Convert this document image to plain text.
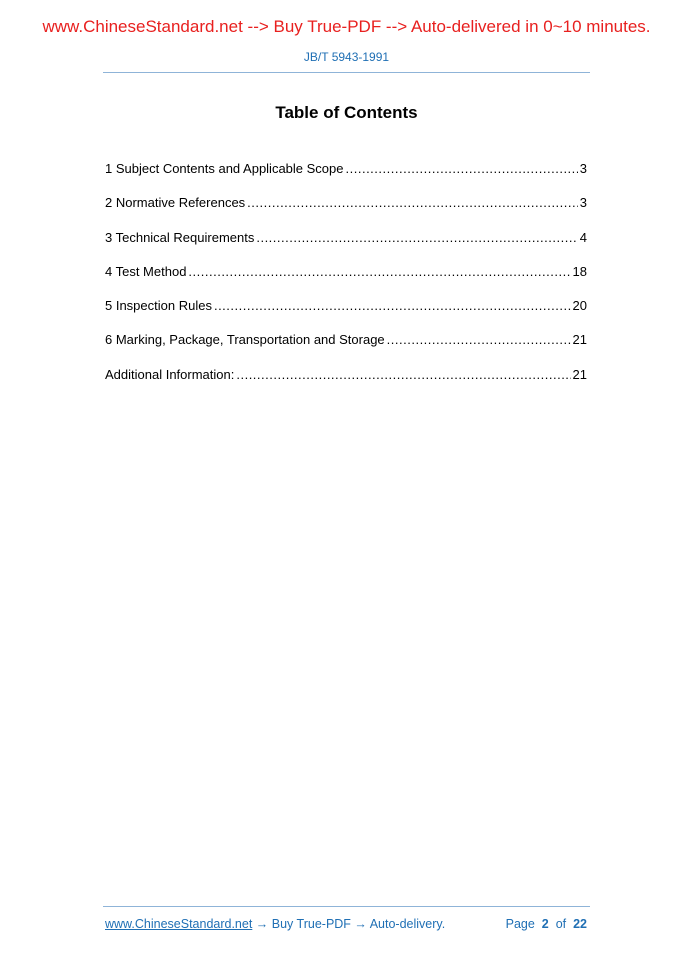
www.ChineseStandard.net --> Buy True-PDF --> Auto-delivered in 0~10 minutes.
JB/T 5943-1991
Table of Contents
1 Subject Contents and Applicable Scope .....	3
2 Normative References .....	3
3 Technical Requirements .....	4
4 Test Method .....	18
5 Inspection Rules .....	20
6 Marking, Package, Transportation and Storage .....	21
Additional Information: .....	21
www.ChineseStandard.net → Buy True-PDF → Auto-delivery.	Page 2 of 22
